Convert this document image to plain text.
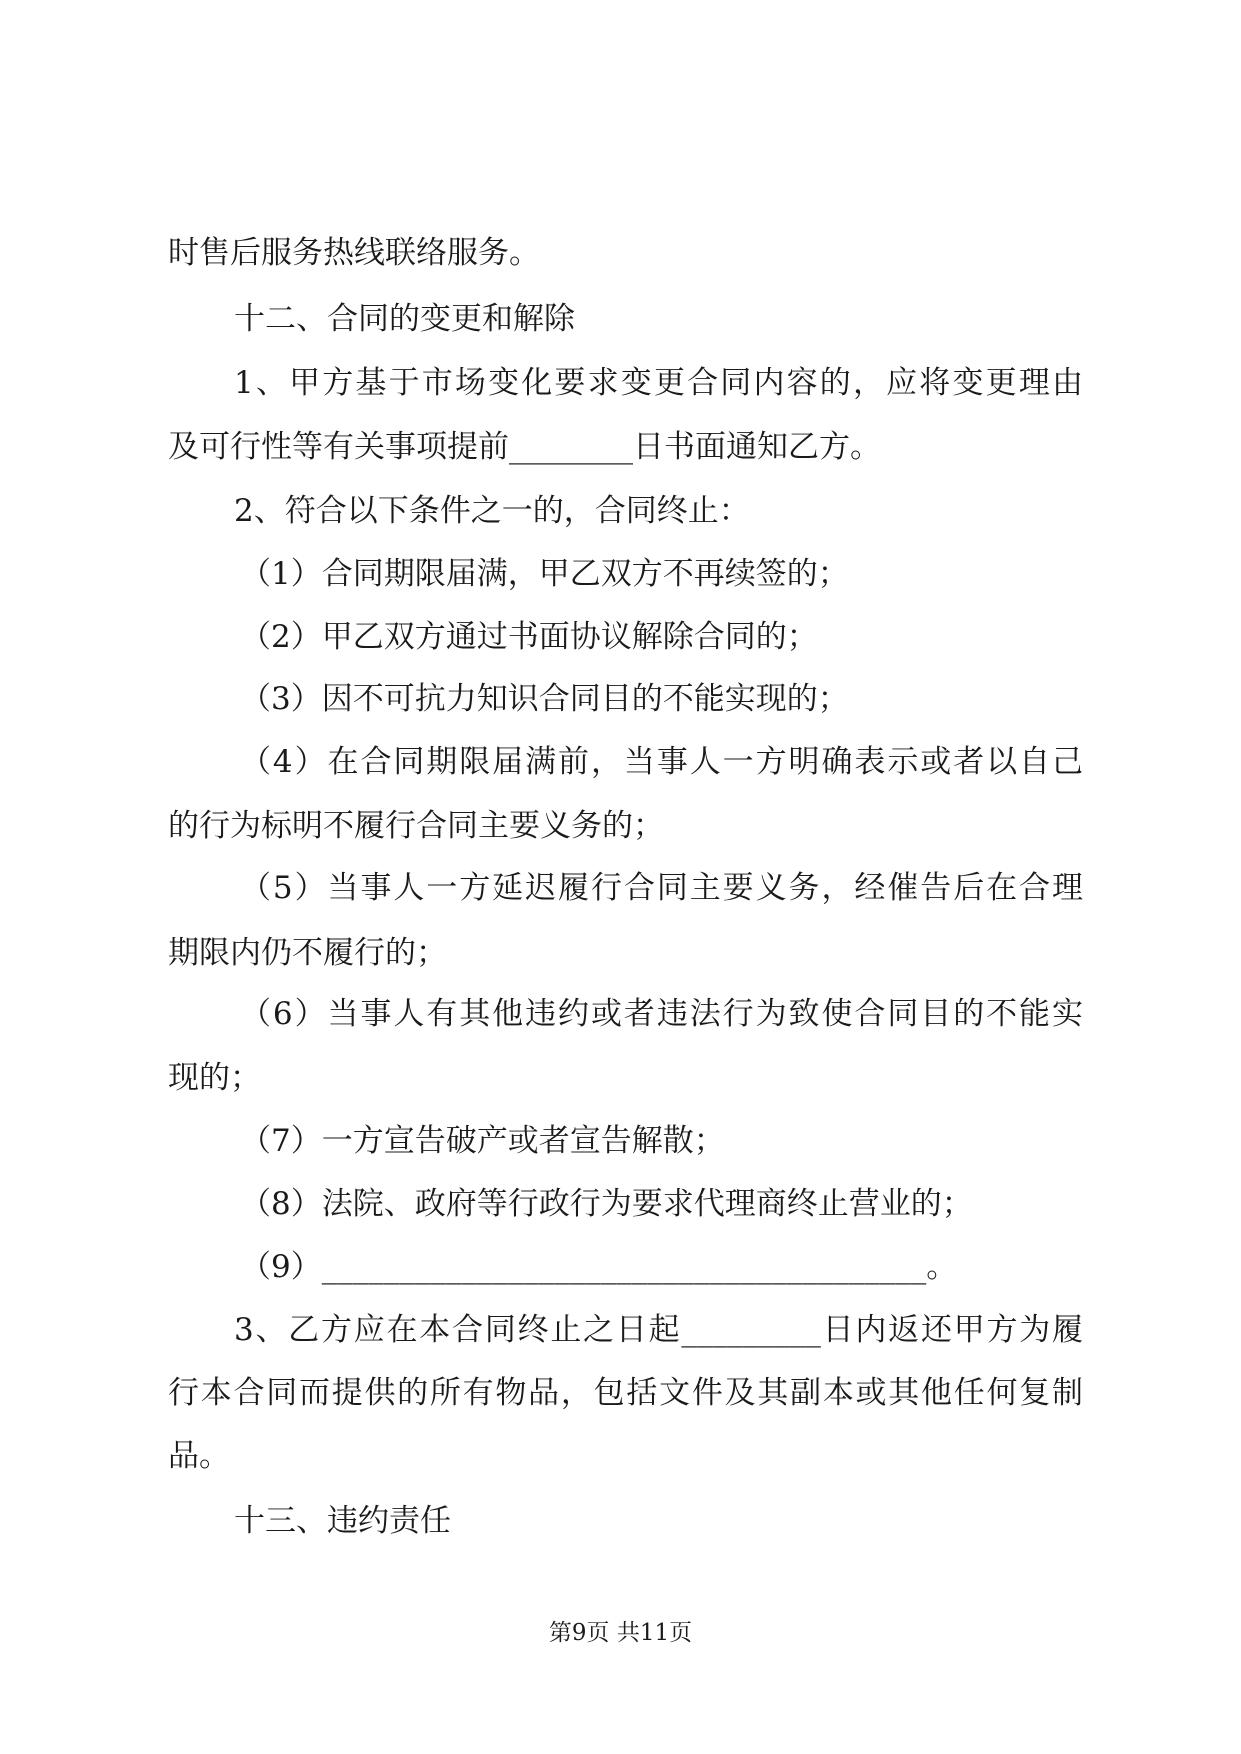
时售后服务热线联络服务。
十二、合同的变更和解除
1、甲方基于市场变化要求变更合同内容的，应将变更理由
及可行性等有关事项提前________日书面通知乙方。
2、符合以下条件之一的，合同终止：
（1）合同期限届满，甲乙双方不再续签的；
（2）甲乙双方通过书面协议解除合同的；
（3）因不可抗力知识合同目的不能实现的；
（4）在合同期限届满前，当事人一方明确表示或者以自己
的行为标明不履行合同主要义务的；
（5）当事人一方延迟履行合同主要义务，经催告后在合理
期限内仍不履行的；
（6）当事人有其他违约或者违法行为致使合同目的不能实
现的；
（7）一方宣告破产或者宣告解散；
（8）法院、政府等行政行为要求代理商终止营业的；
（9）_______________________________________。
3、乙方应在本合同终止之日起_________日内返还甲方为履
行本合同而提供的所有物品，包括文件及其副本或其他任何复制
品。
十三、违约责任
第9页 共11页
